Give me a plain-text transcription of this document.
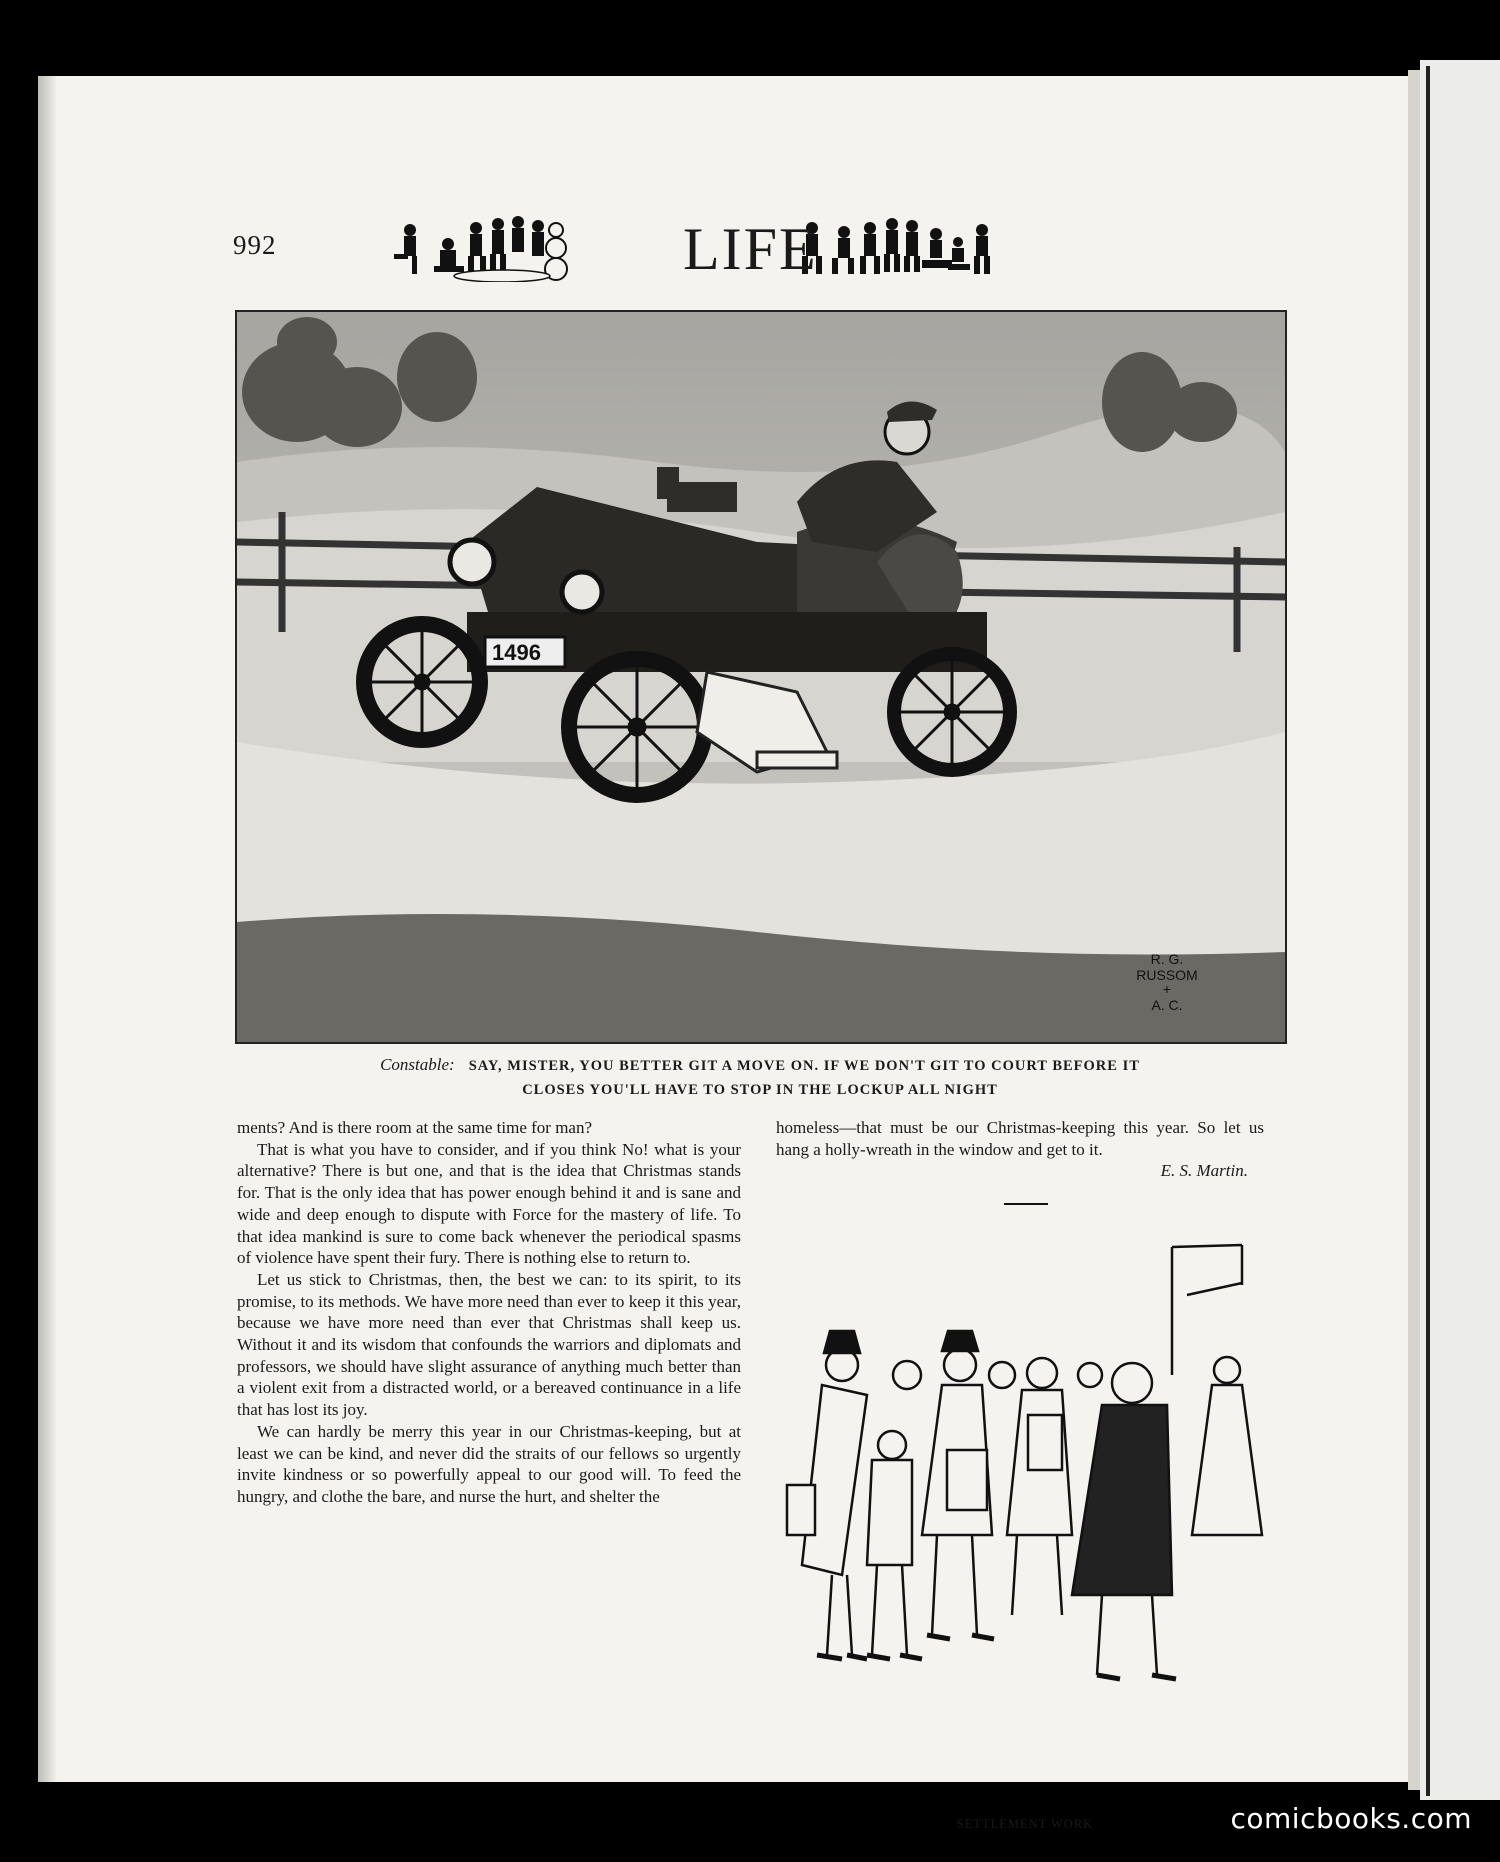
992	LIFE
1496
R. G.
RUSSOM
+
A. C.
Constable: SAY, MISTER, YOU BETTER GIT A MOVE ON. IF WE DON'T GIT TO COURT BEFORE IT
CLOSES YOU'LL HAVE TO STOP IN THE LOCKUP ALL NIGHT

ments? And is there room at the same time for man?

That is what you have to consider, and if you think No! what is your alternative? There is but one, and that is the idea that Christmas stands for. That is the only idea that has power enough behind it and is sane and wide and deep enough to dispute with Force for the mastery of life. To that idea mankind is sure to come back whenever the periodical spasms of violence have spent their fury. There is nothing else to return to.

Let us stick to Christmas, then, the best we can: to its spirit, to its promise, to its methods. We have more need than ever to keep it this year, because we have more need than ever that Christmas shall keep us. Without it and its wisdom that confounds the warriors and diplomats and professors, we should have slight assurance of anything much better than a violent exit from a distracted world, or a bereaved continuance in a life that has lost its joy.

We can hardly be merry this year in our Christmas-keeping, but at least we can be kind, and never did the straits of our fellows so urgently invite kindness or so powerfully appeal to our good will. To feed the hungry, and clothe the bare, and nurse the hurt, and shelter the

homeless—that must be our Christmas-keeping this year. So let us hang a holly-wreath in the window and get to it.

E. S. Martin.

SETTLEMENT WORK	comicbooks.com
